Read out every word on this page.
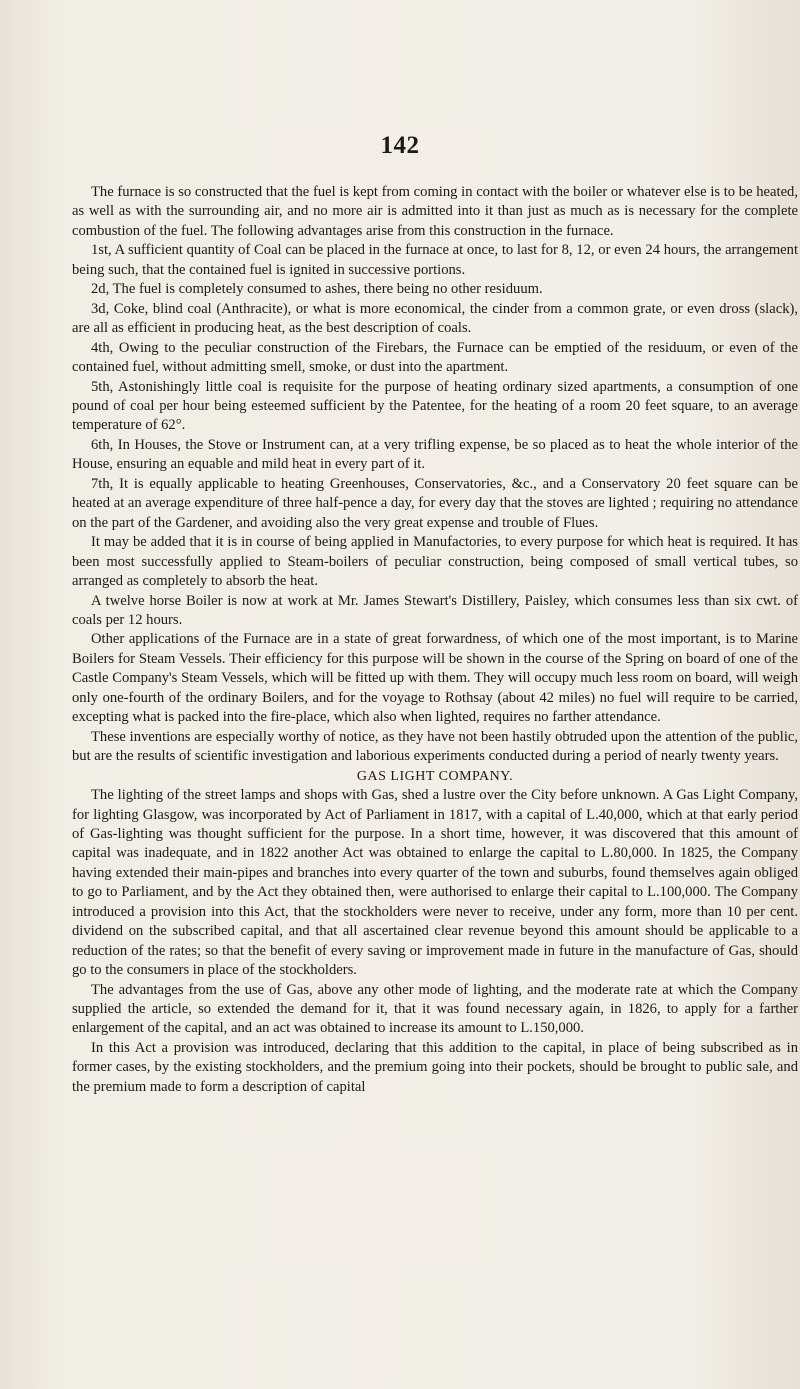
142

The furnace is so constructed that the fuel is kept from coming in contact with the boiler or whatever else is to be heated, as well as with the surrounding air, and no more air is admitted into it than just as much as is necessary for the complete combustion of the fuel. The following advantages arise from this construction in the furnace.

1st, A sufficient quantity of Coal can be placed in the furnace at once, to last for 8, 12, or even 24 hours, the arrangement being such, that the contained fuel is ignited in successive portions.

2d, The fuel is completely consumed to ashes, there being no other residuum.

3d, Coke, blind coal (Anthracite), or what is more economical, the cinder from a common grate, or even dross (slack), are all as efficient in producing heat, as the best description of coals.

4th, Owing to the peculiar construction of the Firebars, the Furnace can be emptied of the residuum, or even of the contained fuel, without admitting smell, smoke, or dust into the apartment.

5th, Astonishingly little coal is requisite for the purpose of heating ordinary sized apartments, a consumption of one pound of coal per hour being esteemed sufficient by the Patentee, for the heating of a room 20 feet square, to an average temperature of 62°.

6th, In Houses, the Stove or Instrument can, at a very trifling expense, be so placed as to heat the whole interior of the House, ensuring an equable and mild heat in every part of it.

7th, It is equally applicable to heating Greenhouses, Conservatories, &c., and a Conservatory 20 feet square can be heated at an average expenditure of three half-pence a day, for every day that the stoves are lighted ; requiring no attendance on the part of the Gardener, and avoiding also the very great expense and trouble of Flues.

It may be added that it is in course of being applied in Manufactories, to every purpose for which heat is required. It has been most successfully applied to Steam-boilers of peculiar construction, being composed of small vertical tubes, so arranged as completely to absorb the heat.

A twelve horse Boiler is now at work at Mr. James Stewart's Distillery, Paisley, which consumes less than six cwt. of coals per 12 hours.

Other applications of the Furnace are in a state of great forwardness, of which one of the most important, is to Marine Boilers for Steam Vessels. Their efficiency for this purpose will be shown in the course of the Spring on board of one of the Castle Company's Steam Vessels, which will be fitted up with them. They will occupy much less room on board, will weigh only one-fourth of the ordinary Boilers, and for the voyage to Rothsay (about 42 miles) no fuel will require to be carried, excepting what is packed into the fire-place, which also when lighted, requires no farther attendance.

These inventions are especially worthy of notice, as they have not been hastily obtruded upon the attention of the public, but are the results of scientific investigation and laborious experiments conducted during a period of nearly twenty years.

GAS LIGHT COMPANY.

The lighting of the street lamps and shops with Gas, shed a lustre over the City before unknown. A Gas Light Company, for lighting Glasgow, was incorporated by Act of Parliament in 1817, with a capital of L.40,000, which at that early period of Gas-lighting was thought sufficient for the purpose. In a short time, however, it was discovered that this amount of capital was inadequate, and in 1822 another Act was obtained to enlarge the capital to L.80,000. In 1825, the Company having extended their main-pipes and branches into every quarter of the town and suburbs, found themselves again obliged to go to Parliament, and by the Act they obtained then, were authorised to enlarge their capital to L.100,000. The Company introduced a provision into this Act, that the stockholders were never to receive, under any form, more than 10 per cent. dividend on the subscribed capital, and that all ascertained clear revenue beyond this amount should be applicable to a reduction of the rates; so that the benefit of every saving or improvement made in future in the manufacture of Gas, should go to the consumers in place of the stockholders.

The advantages from the use of Gas, above any other mode of lighting, and the moderate rate at which the Company supplied the article, so extended the demand for it, that it was found necessary again, in 1826, to apply for a farther enlargement of the capital, and an act was obtained to increase its amount to L.150,000.

In this Act a provision was introduced, declaring that this addition to the capital, in place of being subscribed as in former cases, by the existing stockholders, and the premium going into their pockets, should be brought to public sale, and the premium made to form a description of capital
